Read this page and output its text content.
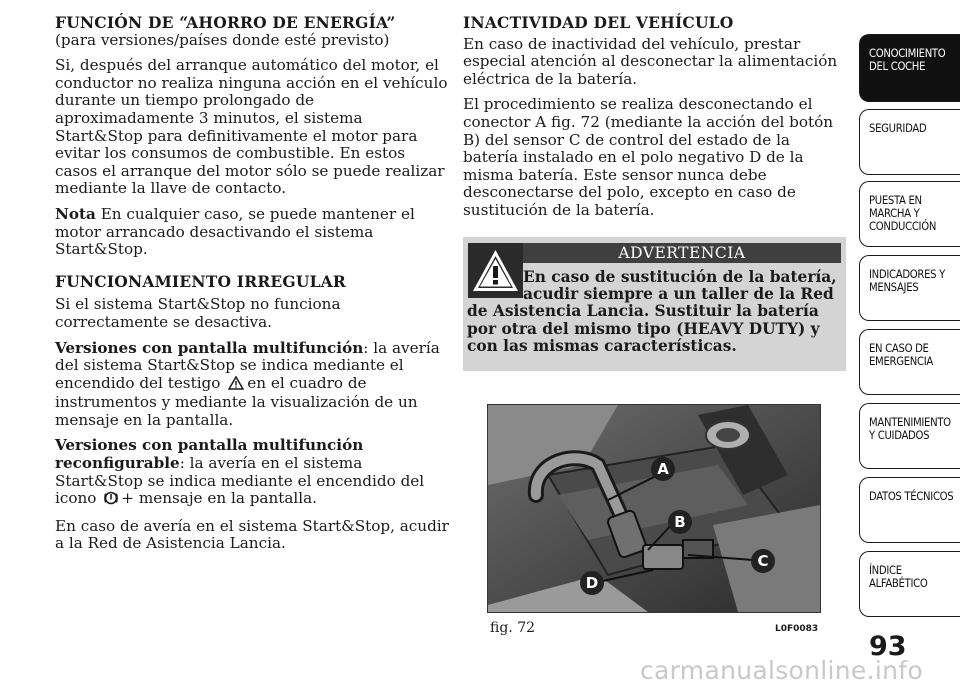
FUNCIÓN DE “AHORRO DE ENERGÍA”
(para versiones/países donde esté previsto)

Si, después del arranque automático del motor, el conductor no realiza ninguna acción en el vehículo durante un tiempo prolongado de aproximadamente 3 minutos, el sistema Start&Stop para definitivamente el motor para evitar los consumos de combustible. En estos casos el arranque del motor sólo se puede realizar mediante la llave de contacto.

Nota En cualquier caso, se puede mantener el motor arrancado desactivando el sistema Start&Stop.

FUNCIONAMIENTO IRREGULAR

Si el sistema Start&Stop no funciona correctamente se desactiva.

Versiones con pantalla multifunción: la avería del sistema Start&Stop se indica mediante el encendido del testigo en el cuadro de instrumentos y mediante la visualización de un mensaje en la pantalla.

Versiones con pantalla multifunción reconfigurable: la avería en el sistema Start&Stop se indica mediante el encendido del icono + mensaje en la pantalla.

En caso de avería en el sistema Start&Stop, acudir a la Red de Asistencia Lancia.

INACTIVIDAD DEL VEHÍCULO

En caso de inactividad del vehículo, prestar especial atención al desconectar la alimentación eléctrica de la batería.

El procedimiento se realiza desconectando el conector A fig. 72 (mediante la acción del botón B) del sensor C de control del estado de la batería instalado en el polo negativo D de la misma batería. Este sensor nunca debe desconectarse del polo, excepto en caso de sustitución de la batería.

ADVERTENCIA
En caso de sustitución de la batería,
acudir siempre a un taller de la Red
de Asistencia Lancia. Sustituir la batería por otra del mismo tipo (HEAVY DUTY) y con las mismas características.
A
B
C
D
fig. 72	L0F0083
CONOCIMIENTO DEL COCHE
SEGURIDAD
PUESTA EN MARCHA Y CONDUCCIÓN
INDICADORES Y MENSAJES
EN CASO DE EMERGENCIA
MANTENIMIENTO Y CUIDADOS
DATOS TÉCNICOS
ÍNDICE ALFABÉTICO
93
carmanualsonline.info
